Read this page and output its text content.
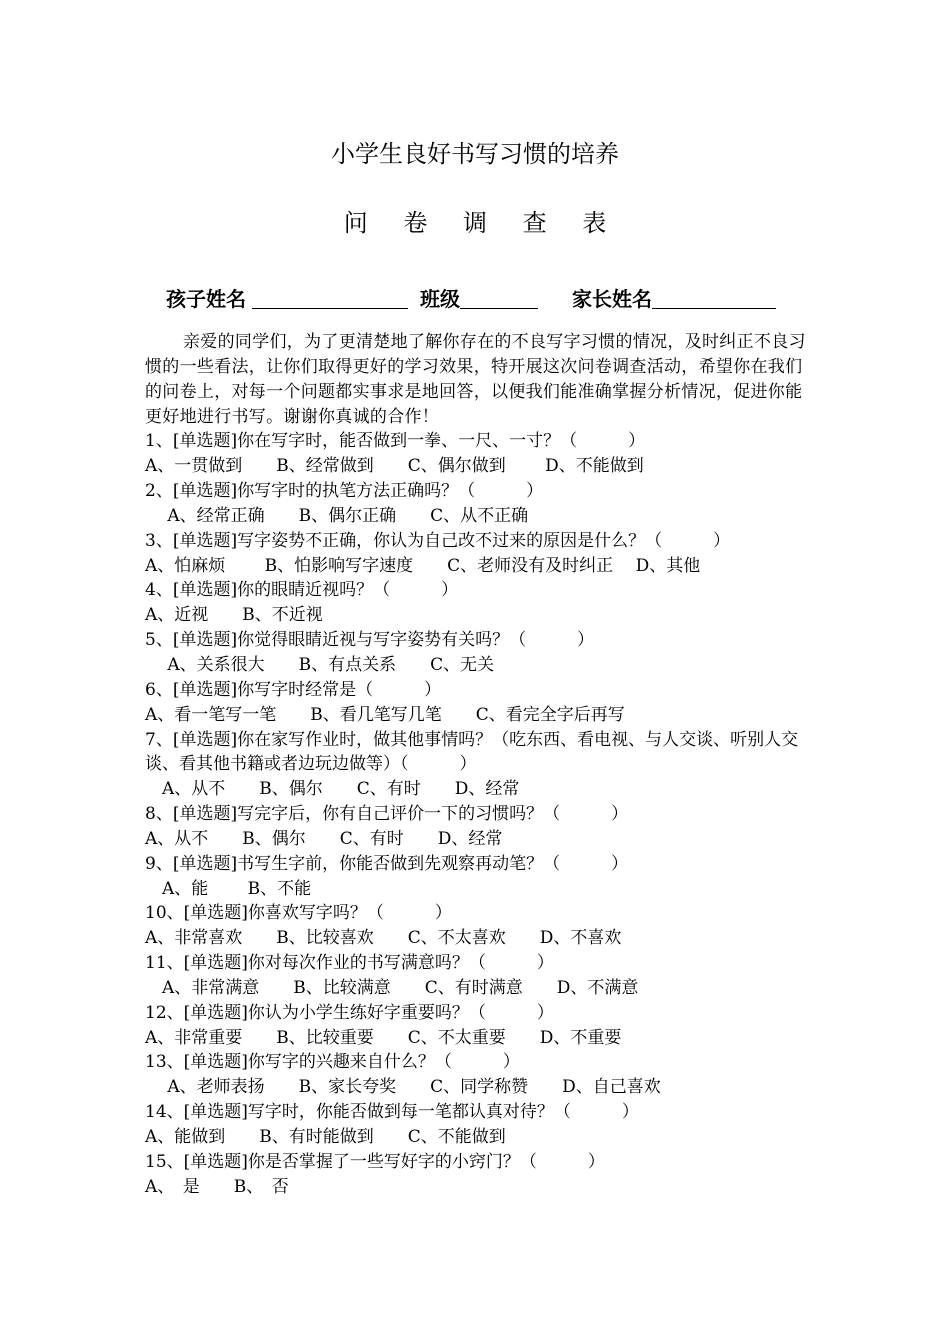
小学生良好书写习惯的培养
问 卷 调 查 表
孩子姓名	班级	家长姓名

亲爱的同学们，为了更清楚地了解你存在的不良写字习惯的情况，及时纠正不良习惯的一些看法，让你们取得更好的学习效果，特开展这次问卷调查活动，希望你在我们的问卷上，对每一个问题都实事求是地回答，以便我们能准确掌握分析情况，促进你能更好地进行书写。谢谢你真诚的合作！

1、[单选题]你在写字时，能否做到一拳、一尺、一寸？（　　　）

A、一贯做到　　B、经常做到　　C、偶尔做到　　 D、不能做到

2、[单选题]你写字时的执笔方法正确吗？（　　　）

　 A、经常正确　　B、偶尔正确　　C、从不正确

3、[单选题]写字姿势不正确，你认为自己改不过来的原因是什么？（　　　）

A、怕麻烦　　 B、怕影响写字速度　　C、老师没有及时纠正　 D、其他

4、[单选题]你的眼睛近视吗？（　　　）

A、近视　　B、不近视

5、[单选题]你觉得眼睛近视与写字姿势有关吗？（　　　）

　 A、关系很大　　B、有点关系　　C、无关

6、[单选题]你写字时经常是（　　　）

A、看一笔写一笔　　B、看几笔写几笔　　C、看完全字后再写

7、[单选题]你在家写作业时，做其他事情吗？（吃东西、看电视、与人交谈、听别人交谈、看其他书籍或者边玩边做等）（　　　）

　A、从不　　B、偶尔　　C、有时　　D、经常

8、[单选题]写完字后，你有自己评价一下的习惯吗？（　　　）

A、从不　　B、偶尔　　C、有时　　D、经常

9、[单选题]书写生字前，你能否做到先观察再动笔？（　　　）

　A、能　　 B、不能

10、[单选题]你喜欢写字吗？（　　　）

A、非常喜欢　　B、比较喜欢　　C、不太喜欢　　D、不喜欢

11、[单选题]你对每次作业的书写满意吗？（　　　）

　A、非常满意　　B、比较满意　　C、有时满意　　D、不满意

12、[单选题]你认为小学生练好字重要吗？（　　　）

A、非常重要　　B、比较重要　　C、不太重要　　D、不重要

13、[单选题]你写字的兴趣来自什么？（　　　）

　 A、老师表扬　　B、家长夸奖　　C、同学称赞　　D、自己喜欢

14、[单选题]写字时，你能否做到每一笔都认真对待？（　　　）

A、能做到　　B、有时能做到　　C、不能做到

15、[单选题]你是否掌握了一些写好字的小窍门？（　　　）

A、　是　　B、　否
